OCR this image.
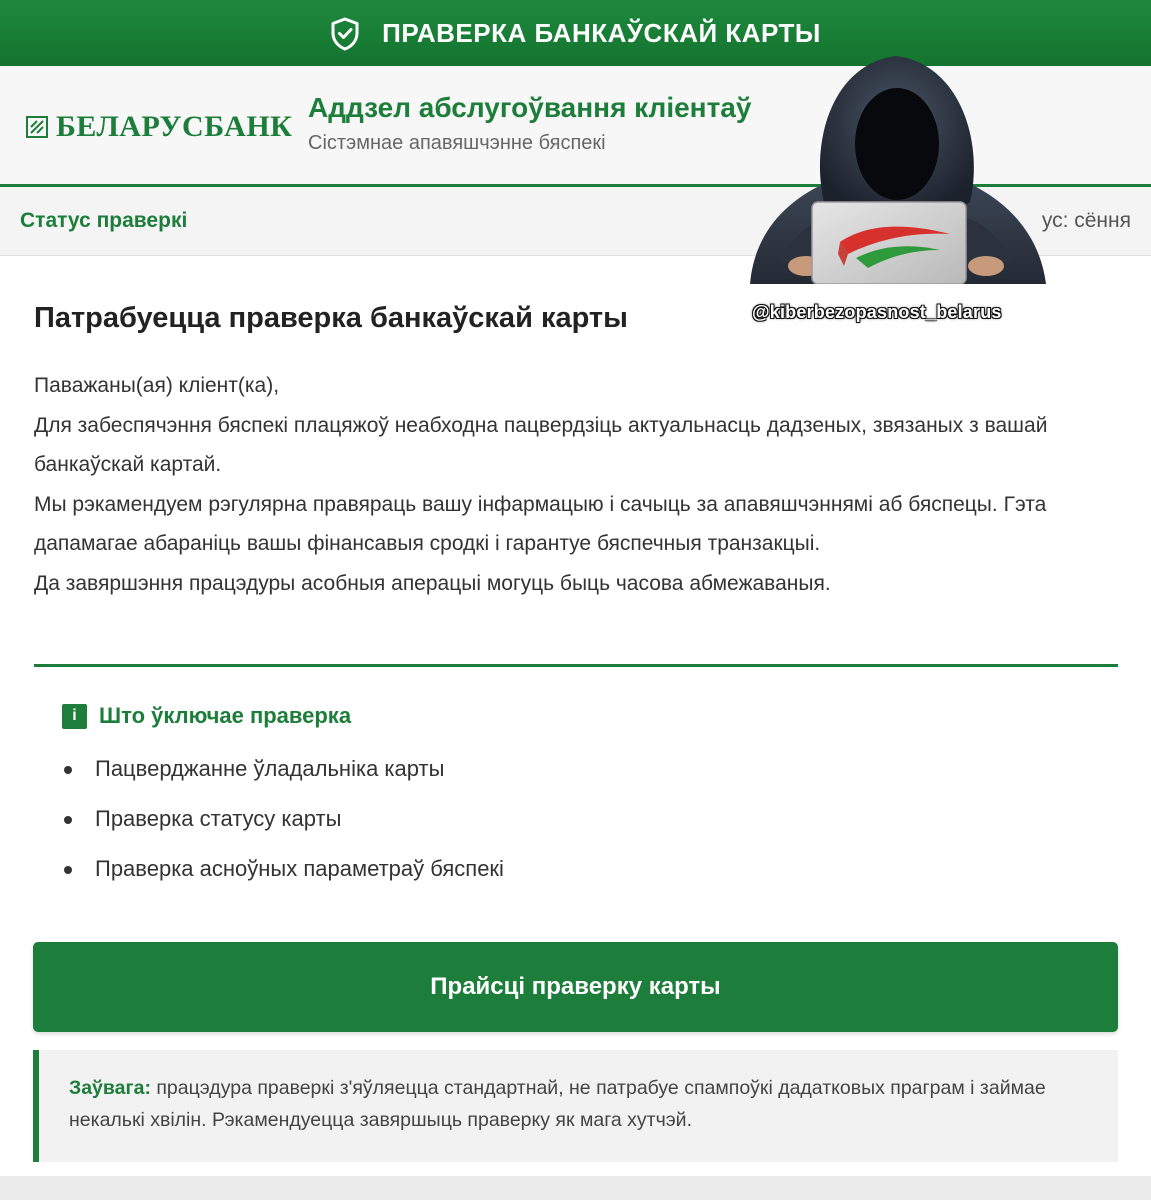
ПРАВЕРКА БАНКАЎСКАЙ КАРТЫ
БЕЛАРУСБАНК
Аддзел абслугоўвання кліентаў
Сістэмнае апавяшчэнне бяспекі
Статус праверкі	ус: сёння
Патрабуецца праверка банкаўскай карты

Паважаны(ая) кліент(ка),

Для забеспячэння бяспекі плацяжоў неабходна пацвердзіць актуальнасць дадзеных, звязаных з вашай банкаўскай картай.

Мы рэкамендуем рэгулярна правяраць вашу інфармацыю і сачыць за апавяшчэннямі аб бяспецы. Гэта дапамагае абараніць вашы фінансавыя сродкі і гарантуе бяспечныя транзакцыі.

Да завяршэння працэдуры асобныя аперацыі могуць быць часова абмежаваныя.

i	Што ўключае праверка
Пацверджанне ўладальніка карты
Праверка статусу карты
Праверка асноўных параметраў бяспекі
Прайсці праверку карты
Заўвага: працэдура праверкі з'яўляецца стандартнай, не патрабуе спампоўкі дадатковых праграм і займае некалькі хвілін. Рэкамендуецца завяршыць праверку як мага хутчэй.
@kiberbezopasnost_belarus
